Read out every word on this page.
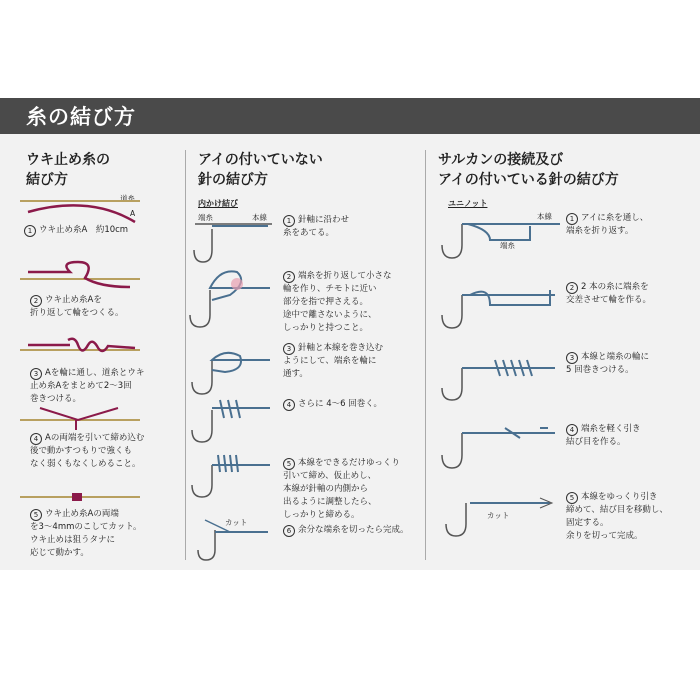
糸の結び方
ウキ止め糸の
結び方
道糸
A
1 ウキ止め糸A　約10cm
2 ウキ止め糸Aを
折り返して輪をつくる。
3 Aを輪に通し、道糸とウキ
止め糸Aをまとめて2～3回
巻きつける。
4 Aの両端を引いて締め込む
後で動かすつもりで強くも
なく弱くもなくしめること。
5 ウキ止め糸Aの両端
を3～4mmのこしてカット。
ウキ止めは狙うタナに
応じて動かす。
アイの付いていない
針の結び方
内かけ結び
端糸	本線
カット
1 針軸に沿わせ
糸をあてる。
2 端糸を折り返して小さな
輪を作り、チモトに近い
部分を指で押さえる。
途中で離さないように、
しっかりと持つこと。
3 針軸と本線を巻き込む
ようにして、端糸を輪に
通す。
4 さらに 4～6 回巻く。
5 本線をできるだけゆっくり
引いて締め、仮止めし、
本線が針軸の内側から
出るように調整したら、
しっかりと締める。
6 余分な端糸を切ったら完成。
サルカンの接続及び
アイの付いている針の結び方
ユニノット
本線
端糸
カット
1 アイに糸を通し、
端糸を折り返す。
2 2 本の糸に端糸を
交差させて輪を作る。
3 本線と端糸の輪に
5 回巻きつける。
4 端糸を軽く引き
結び目を作る。
5 本線をゆっくり引き
締めて、結び目を移動し、
固定する。
余りを切って完成。
